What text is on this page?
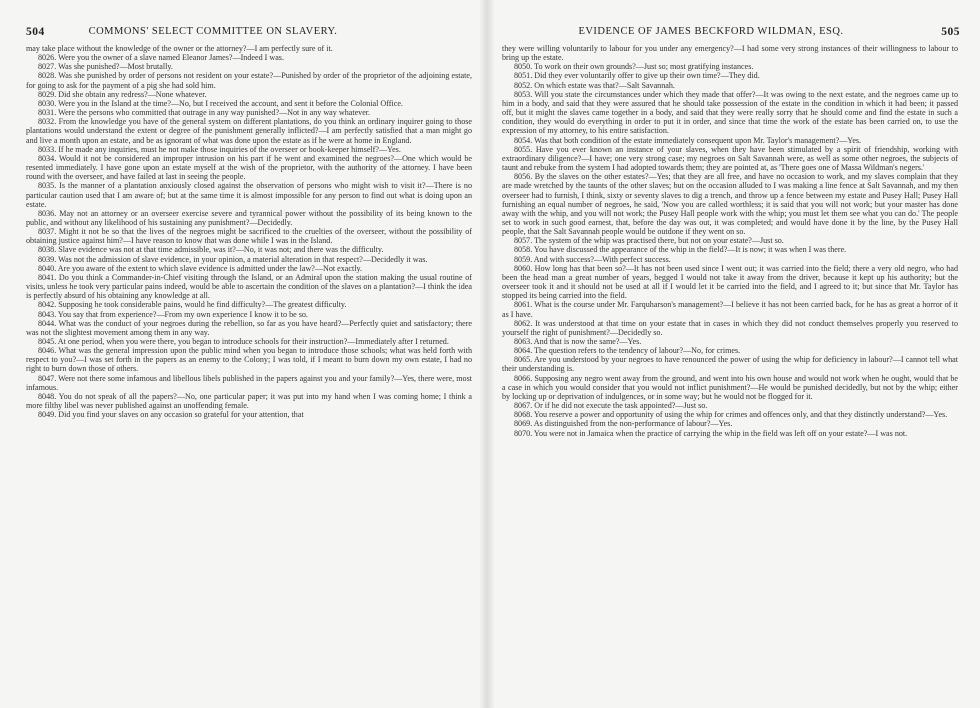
504	COMMONS' SELECT COMMITTEE ON SLAVERY.

may take place without the knowledge of the owner or the attorney?—I am perfectly sure of it.

8026. Were you the owner of a slave named Eleanor James?—Indeed I was.

8027. Was she punished?—Most brutally.

8028. Was she punished by order of persons not resident on your estate?—Punished by order of the proprietor of the adjoining estate, for going to ask for the payment of a pig she had sold him.

8029. Did she obtain any redress?—None whatever.

8030. Were you in the Island at the time?—No, but I received the account, and sent it before the Colonial Office.

8031. Were the persons who committed that outrage in any way punished?—Not in any way whatever.

8032. From the knowledge you have of the general system on different plantations, do you think an ordinary inquirer going to those plantations would understand the extent or degree of the punishment generally inflicted?—I am perfectly satisfied that a man might go and live a month upon an estate, and be as ignorant of what was done upon the estate as if he were at home in England.

8033. If he made any inquiries, must he not make those inquiries of the overseer or book-keeper himself?—Yes.

8034. Would it not be considered an improper intrusion on his part if he went and examined the negroes?—One which would be resented immediately. I have gone upon an estate myself at the wish of the proprietor, with the authority of the attorney. I have been round with the overseer, and have failed at last in seeing the people.

8035. Is the manner of a plantation anxiously closed against the observation of persons who might wish to visit it?—There is no particular caution used that I am aware of; but at the same time it is almost impossible for any person to find out what is doing upon an estate.

8036. May not an attorney or an overseer exercise severe and tyrannical power without the possibility of its being known to the public, and without any likelihood of his sustaining any punishment?—Decidedly.

8037. Might it not be so that the lives of the negroes might be sacrificed to the cruelties of the overseer, without the possibility of obtaining justice against him?—I have reason to know that was done while I was in the Island.

8038. Slave evidence was not at that time admissible, was it?—No, it was not; and there was the difficulty.

8039. Was not the admission of slave evidence, in your opinion, a material alteration in that respect?—Decidedly it was.

8040. Are you aware of the extent to which slave evidence is admitted under the law?—Not exactly.

8041. Do you think a Commander-in-Chief visiting through the Island, or an Admiral upon the station making the usual routine of visits, unless he took very particular pains indeed, would be able to ascertain the condition of the slaves on a plantation?—I think the idea is perfectly absurd of his obtaining any knowledge at all.

8042. Supposing he took considerable pains, would he find difficulty?—The greatest difficulty.

8043. You say that from experience?—From my own experience I know it to be so.

8044. What was the conduct of your negroes during the rebellion, so far as you have heard?—Perfectly quiet and satisfactory; there was not the slightest movement among them in any way.

8045. At one period, when you were there, you began to introduce schools for their instruction?—Immediately after I returned.

8046. What was the general impression upon the public mind when you began to introduce those schools; what was held forth with respect to you?—I was set forth in the papers as an enemy to the Colony; I was told, if I meant to burn down my own estate, I had no right to burn down those of others.

8047. Were not there some infamous and libellous libels published in the papers against you and your family?—Yes, there were, most infamous.

8048. You do not speak of all the papers?—No, one particular paper; it was put into my hand when I was coming home; I think a more filthy libel was never published against an unoffending female.

8049. Did you find your slaves on any occasion so grateful for your attention, that

EVIDENCE OF JAMES BECKFORD WILDMAN, ESQ.	505

they were willing voluntarily to labour for you under any emergency?—I had some very strong instances of their willingness to labour to bring up the estate.

8050. To work on their own grounds?—Just so; most gratifying instances.

8051. Did they ever voluntarily offer to give up their own time?—They did.

8052. On which estate was that?—Salt Savannah.

8053. Will you state the circumstances under which they made that offer?—It was owing to the next estate, and the negroes came up to him in a body, and said that they were assured that he should take possession of the estate in the condition in which it had been; it passed off, but it might the slaves came together in a body, and said that they were really sorry that he should come and find the estate in such a condition, they would do everything in order to put it in order, and since that time the work of the estate has been carried on, to use the expression of my attorney, to his entire satisfaction.

8054. Was that both condition of the estate immediately consequent upon Mr. Taylor's management?—Yes.

8055. Have you ever known an instance of your slaves, when they have been stimulated by a spirit of friendship, working with extraordinary diligence?—I have; one very strong case; my negroes on Salt Savannah were, as well as some other negroes, the subjects of taunt and rebuke from the system I had adopted towards them; they are pointed at, as 'There goes one of Massa Wildman's negers.'

8056. By the slaves on the other estates?—Yes; that they are all free, and have no occasion to work, and my slaves complain that they are made wretched by the taunts of the other slaves; but on the occasion alluded to I was making a line fence at Salt Savannah, and my then overseer had to furnish, I think, sixty or seventy slaves to dig a trench, and throw up a fence between my estate and Pusey Hall; Pusey Hall furnishing an equal number of negroes, he said, 'Now you are called worthless; it is said that you will not work; but your master has done away with the whip, and you will not work; the Pusey Hall people work with the whip; you must let them see what you can do.' The people set to work in such good earnest, that, before the day was out, it was completed; and would have done it by the line, by the Pusey Hall people, that the Salt Savannah people would be outdone if they went on so.

8057. The system of the whip was practised there, but not on your estate?—Just so.

8058. You have discussed the appearance of the whip in the field?—It is now; it was when I was there.

8059. And with success?—With perfect success.

8060. How long has that been so?—It has not been used since I went out; it was carried into the field; there a very old negro, who had been the head man a great number of years, begged I would not take it away from the driver, because it kept up his authority; but the overseer took it and it should not be used at all if I would let it be carried into the field, and I agreed to it; but since that Mr. Taylor has stopped its being carried into the field.

8061. What is the course under Mr. Farquharson's management?—I believe it has not been carried back, for he has as great a horror of it as I have.

8062. It was understood at that time on your estate that in cases in which they did not conduct themselves properly you reserved to yourself the right of punishment?—Decidedly so.

8063. And that is now the same?—Yes.

8064. The question refers to the tendency of labour?—No, for crimes.

8065. Are you understood by your negroes to have renounced the power of using the whip for deficiency in labour?—I cannot tell what their understanding is.

8066. Supposing any negro went away from the ground, and went into his own house and would not work when he ought, would that be a case in which you would consider that you would not inflict punishment?—He would be punished decidedly, but not by the whip; either by locking up or deprivation of indulgences, or in some way; but he would not be flogged for it.

8067. Or if he did not execute the task appointed?—Just so.

8068. You reserve a power and opportunity of using the whip for crimes and offences only, and that they distinctly understand?—Yes.

8069. As distinguished from the non-performance of labour?—Yes.

8070. You were not in Jamaica when the practice of carrying the whip in the field was left off on your estate?—I was not.
